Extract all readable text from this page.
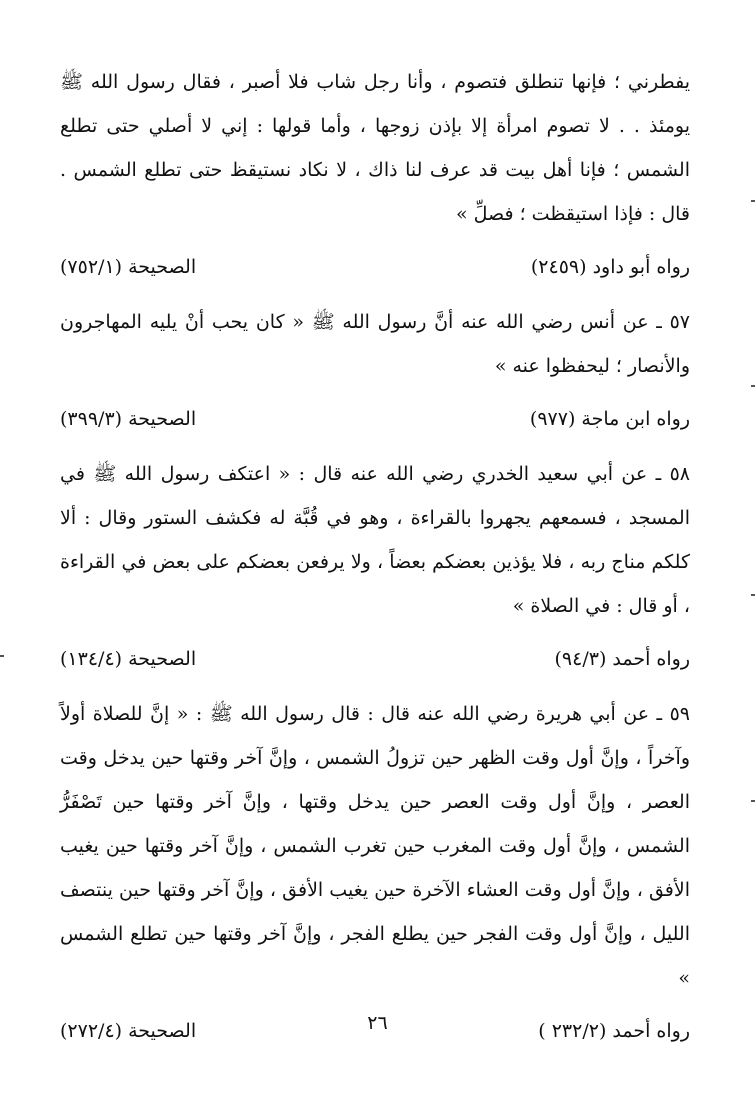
يفطرني ؛ فإنها تنطلق فتصوم ، وأنا رجل شاب فلا أصبر ، فقال رسول الله ﷺ يومئذ . . لا تصوم امرأة إلا بإذن زوجها ، وأما قولها : إني لا أصلي حتى تطلع الشمس ؛ فإنا أهل بيت قد عرف لنا ذاك ، لا نكاد نستيقظ حتى تطلع الشمس . قال : فإذا استيقظت ؛ فصلِّ »

رواه أبو داود (٢٤٥٩)
الصحيحة (٧٥٢/١)

٥٧ ـ عن أنس رضي الله عنه أنَّ رسول الله ﷺ « كان يحب أنْ يليه المهاجرون والأنصار ؛ ليحفظوا عنه »

رواه ابن ماجة (٩٧٧)
الصحيحة (٣٩٩/٣)

٥٨ ـ عن أبي سعيد الخدري رضي الله عنه قال : « اعتكف رسول الله ﷺ في المسجد ، فسمعهم يجهروا بالقراءة ، وهو في قُبَّة له فكشف الستور وقال : ألا كلكم مناج ربه ، فلا يؤذين بعضكم بعضاً ، ولا يرفعن بعضكم على بعض في القراءة ، أو قال : في الصلاة »

رواه أحمد (٩٤/٣)
الصحيحة (١٣٤/٤)

٥٩ ـ عن أبي هريرة رضي الله عنه قال : قال رسول الله ﷺ : « إنَّ للصلاة أولاً وآخراً ، وإنَّ أول وقت الظهر حين تزولُ الشمس ، وإنَّ آخر وقتها حين يدخل وقت العصر ، وإنَّ أول وقت العصر حين يدخل وقتها ، وإنَّ آخر وقتها حين تَصْفَرُّ الشمس ، وإنَّ أول وقت المغرب حين تغرب الشمس ، وإنَّ آخر وقتها حين يغيب الأفق ، وإنَّ أول وقت العشاء الآخرة حين يغيب الأفق ، وإنَّ آخر وقتها حين ينتصف الليل ، وإنَّ أول وقت الفجر حين يطلع الفجر ، وإنَّ آخر وقتها حين تطلع الشمس »

رواه أحمد (٢٣٢/٢ )
الصحيحة (٢٧٢/٤)	٢٦
